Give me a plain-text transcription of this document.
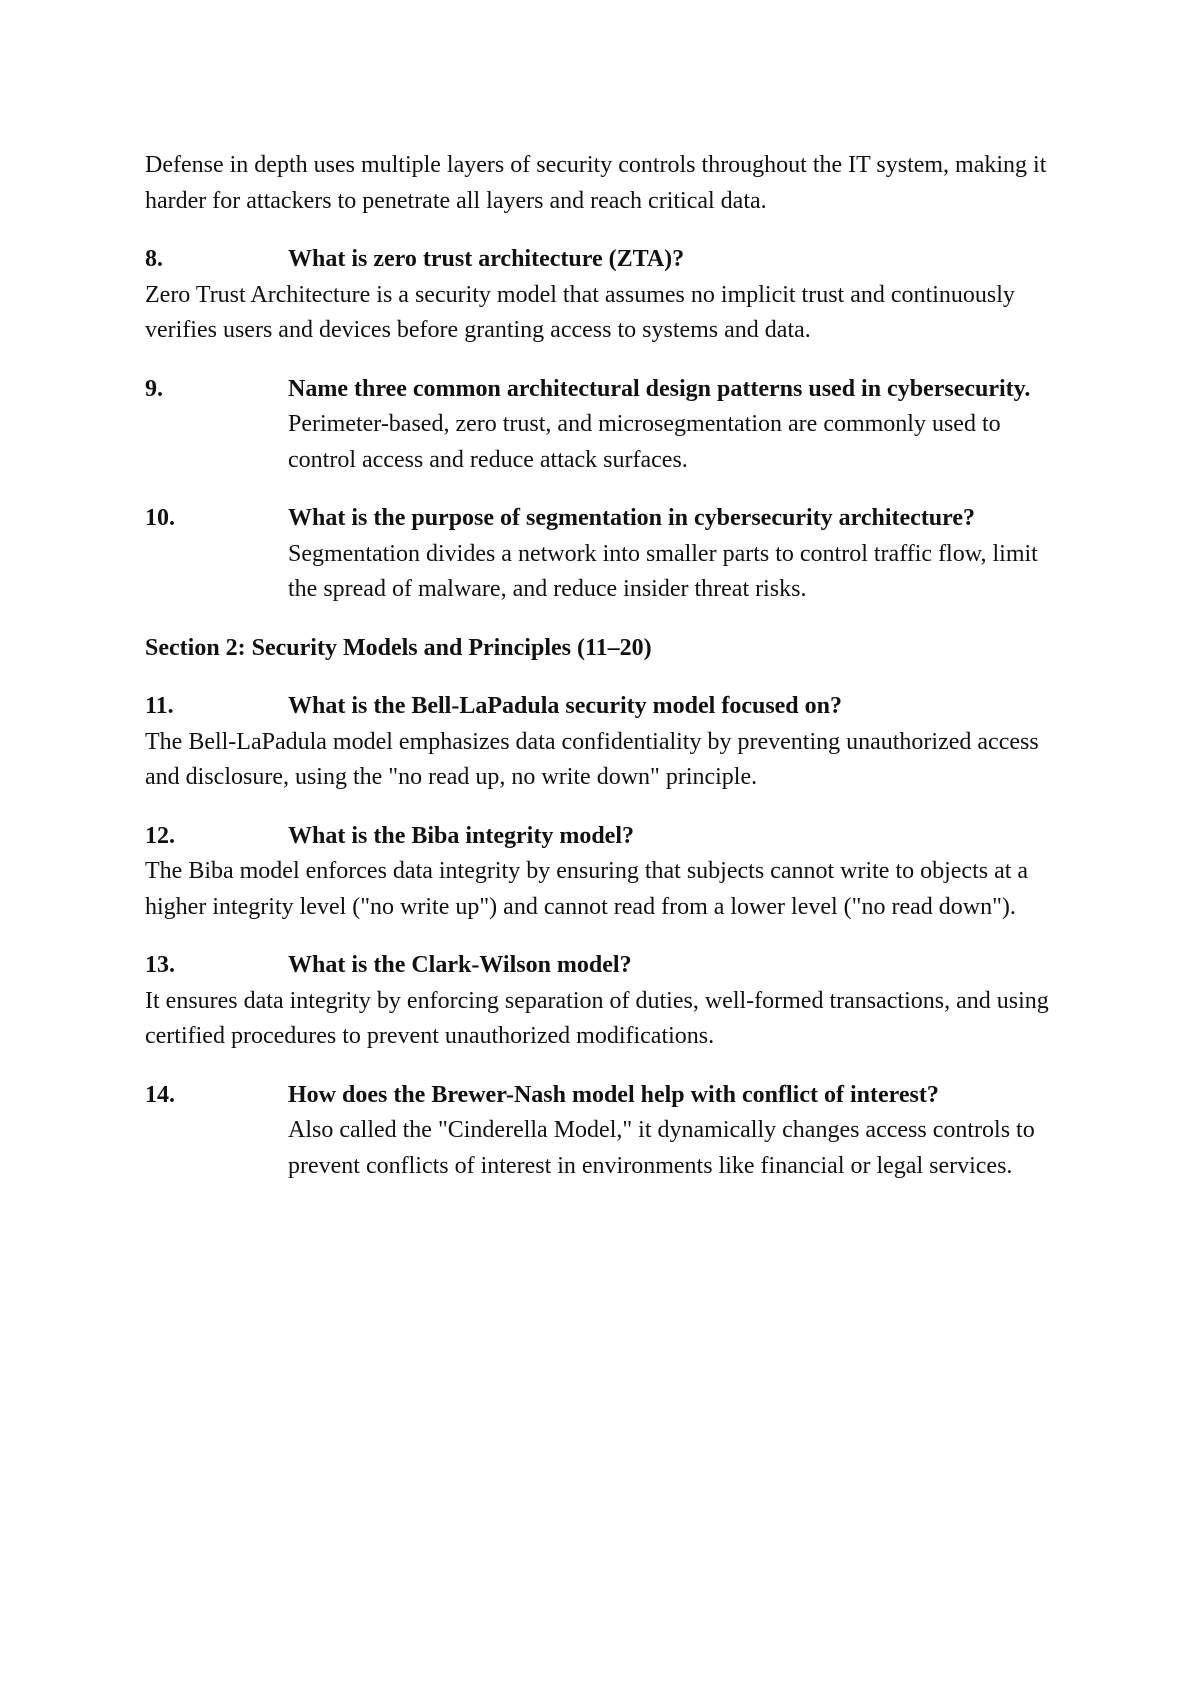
Defense in depth uses multiple layers of security controls throughout the IT system, making it harder for attackers to penetrate all layers and reach critical data.

8.	What is zero trust architecture (ZTA)?

Zero Trust Architecture is a security model that assumes no implicit trust and continuously verifies users and devices before granting access to systems and data.

9.	Name three common architectural design patterns used in cybersecurity. Perimeter-based, zero trust, and microsegmentation are commonly used to control access and reduce attack surfaces.
10.	What is the purpose of segmentation in cybersecurity architecture? Segmentation divides a network into smaller parts to control traffic flow, limit the spread of malware, and reduce insider threat risks.

Section 2: Security Models and Principles (11–20)

11.	What is the Bell-LaPadula security model focused on?

The Bell-LaPadula model emphasizes data confidentiality by preventing unauthorized access and disclosure, using the "no read up, no write down" principle.

12.	What is the Biba integrity model?

The Biba model enforces data integrity by ensuring that subjects cannot write to objects at a higher integrity level ("no write up") and cannot read from a lower level ("no read down").

13.	What is the Clark-Wilson model?

It ensures data integrity by enforcing separation of duties, well-formed transactions, and using certified procedures to prevent unauthorized modifications.

14.	How does the Brewer-Nash model help with conflict of interest?
Also called the "Cinderella Model," it dynamically changes access controls to prevent conflicts of interest in environments like financial or legal services.
